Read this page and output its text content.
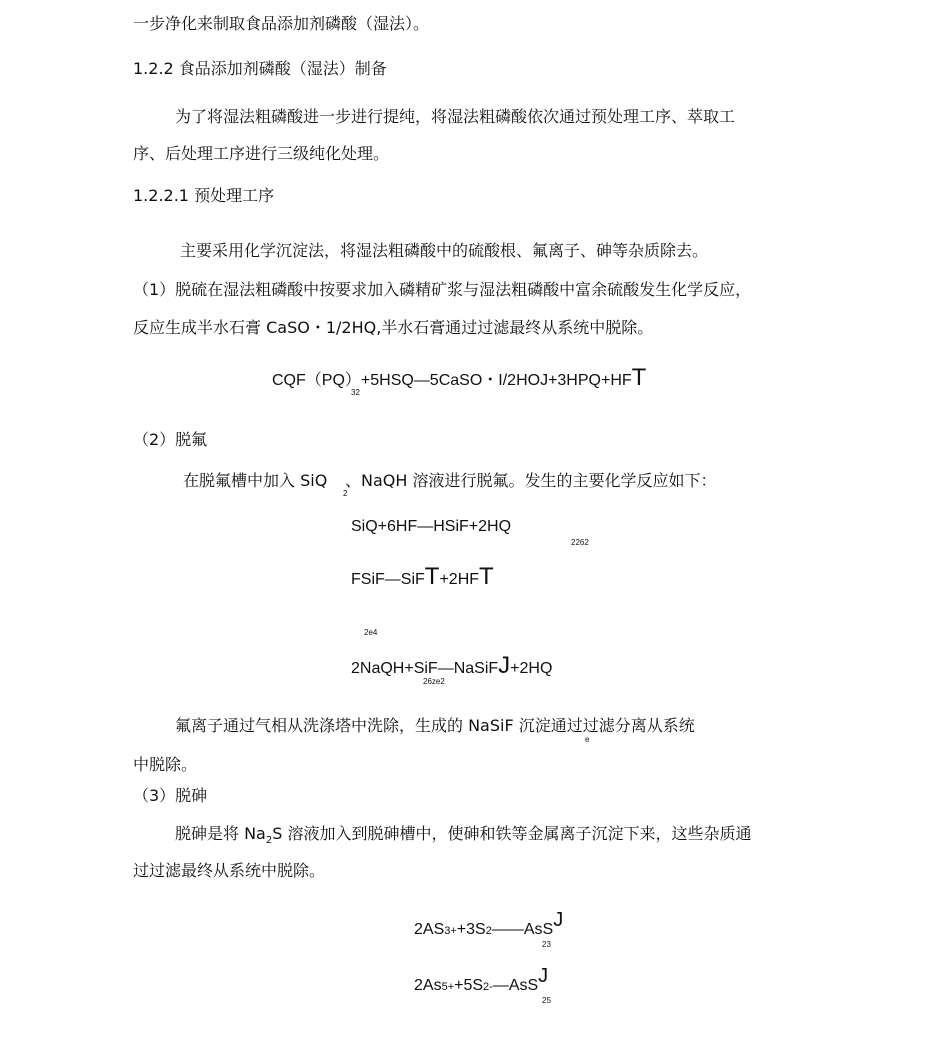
一步净化来制取食品添加剂磷酸（湿法）。
1.2.2 食品添加剂磷酸（湿法）制备
为了将湿法粗磷酸进一步进行提纯，将湿法粗磷酸依次通过预处理工序、萃取工
序、后处理工序进行三级纯化处理。
1.2.2.1 预处理工序
主要采用化学沉淀法，将湿法粗磷酸中的硫酸根、氟离子、砷等杂质除去。
（1）脱硫在湿法粗磷酸中按要求加入磷精矿浆与湿法粗磷酸中富余硫酸发生化学反应，
反应生成半水石膏 CaSO・1/2HQ,半水石膏通过过滤最终从系统中脱除。
CQF（PQ）+5HSQ—5CaSO・I/2HOJ+3HPQ+HFT
32
（2）脱氟
在脱氟槽中加入 SiQ
2
、NaQH 溶液进行脱氟。发生的主要化学反应如下：
SiQ+6HF—HSiF+2HQ
2262
FSiF—SiFT+2HFT
2e4
2NaQH+SiF—NaSiFJ+2HQ
26ze2
氟离子通过气相从洗涤塔中洗除，生成的 NaSiF 沉淀通过过滤分离从系统
e
中脱除。
（3）脱砷
脱砷是将 $Na_2S$ 溶液加入到脱砷槽中，使砷和铁等金属离子沉淀下来，这些杂质通
过过滤最终从系统中脱除。
2AS3++3S2——AsSJ
23
2As5++5S2-—AsSJ
25
